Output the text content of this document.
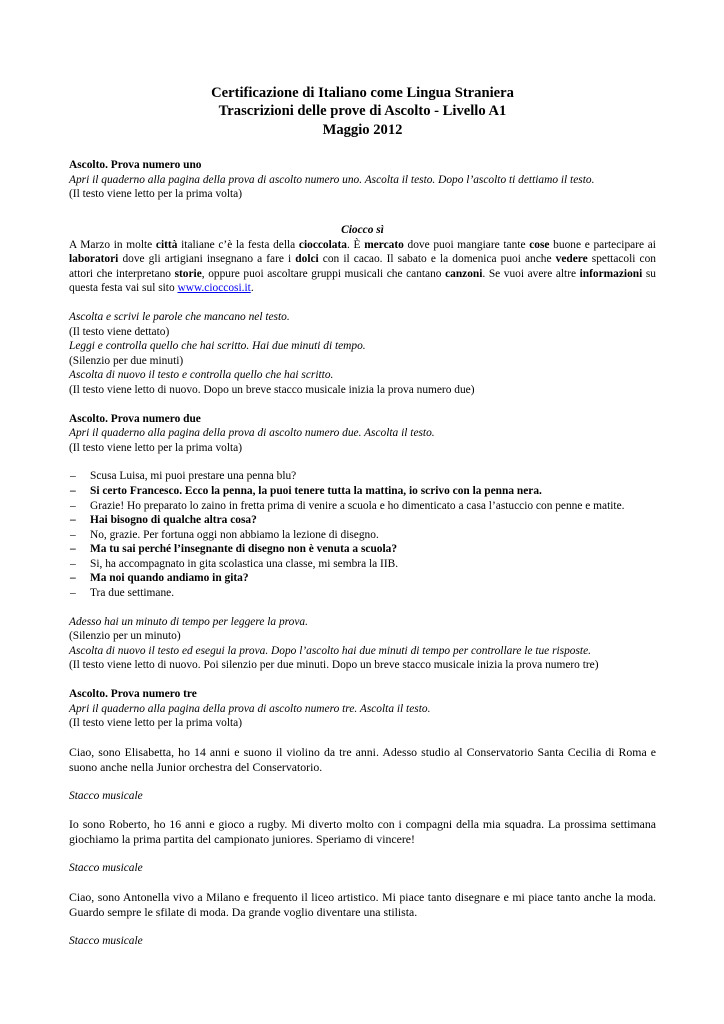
Certificazione di Italiano come Lingua Straniera
Trascrizioni delle prove di Ascolto - Livello A1
Maggio 2012

Ascolto. Prova numero uno

Apri il quaderno alla pagina della prova di ascolto numero uno. Ascolta il testo. Dopo l’ascolto ti dettiamo il testo.

(Il testo viene letto per la prima volta)

Ciocco sì

A Marzo in molte città italiane c’è la festa della cioccolata. È mercato dove puoi mangiare tante cose buone e partecipare ai laboratori dove gli artigiani insegnano a fare i dolci con il cacao. Il sabato e la domenica puoi anche vedere spettacoli con attori che interpretano storie, oppure puoi ascoltare gruppi musicali che cantano canzoni. Se vuoi avere altre informazioni su questa festa vai sul sito www.cioccosi.it.

Ascolta e scrivi le parole che mancano nel testo.

(Il testo viene dettato)

Leggi e controlla quello che hai scritto. Hai due minuti di tempo.

(Silenzio per due minuti)

Ascolta di nuovo il testo e controlla quello che hai scritto.

(Il testo viene letto di nuovo. Dopo un breve stacco musicale inizia la prova numero due)

Ascolto. Prova numero due

Apri il quaderno alla pagina della prova di ascolto numero due. Ascolta il testo.

(Il testo viene letto per la prima volta)

– Scusa Luisa, mi puoi prestare una penna blu?
– Si certo Francesco. Ecco la penna, la puoi tenere tutta la mattina, io scrivo con la penna nera.
– Grazie! Ho preparato lo zaino in fretta prima di venire a scuola e ho dimenticato a casa l’astuccio con penne e matite.
– Hai bisogno di qualche altra cosa?
– No, grazie. Per fortuna oggi non abbiamo la lezione di disegno.
– Ma tu sai perché l’insegnante di disegno non è venuta a scuola?
– Si, ha accompagnato in gita scolastica una classe, mi sembra la IIB.
– Ma noi quando andiamo in gita?
– Tra due settimane.

Adesso hai un minuto di tempo per leggere la prova.

(Silenzio per un minuto)

Ascolta di nuovo il testo ed esegui la prova. Dopo l’ascolto hai due minuti di tempo per controllare le tue risposte.

(Il testo viene letto di nuovo. Poi silenzio per due minuti. Dopo un breve stacco musicale inizia la prova numero tre)

Ascolto. Prova numero tre

Apri il quaderno alla pagina della prova di ascolto numero tre. Ascolta il testo.

(Il testo viene letto per la prima volta)

Ciao, sono Elisabetta, ho 14 anni e suono il violino da tre anni. Adesso studio al Conservatorio Santa Cecilia di Roma e suono anche nella Junior orchestra del Conservatorio.

Stacco musicale

Io sono Roberto, ho 16 anni e gioco a rugby. Mi diverto molto con i compagni della mia squadra. La prossima settimana giochiamo la prima partita del campionato juniores. Speriamo di vincere!

Stacco musicale

Ciao, sono Antonella vivo a Milano e frequento il liceo artistico. Mi piace tanto disegnare e mi piace tanto anche la moda. Guardo sempre le sfilate di moda. Da grande voglio diventare una stilista.

Stacco musicale
